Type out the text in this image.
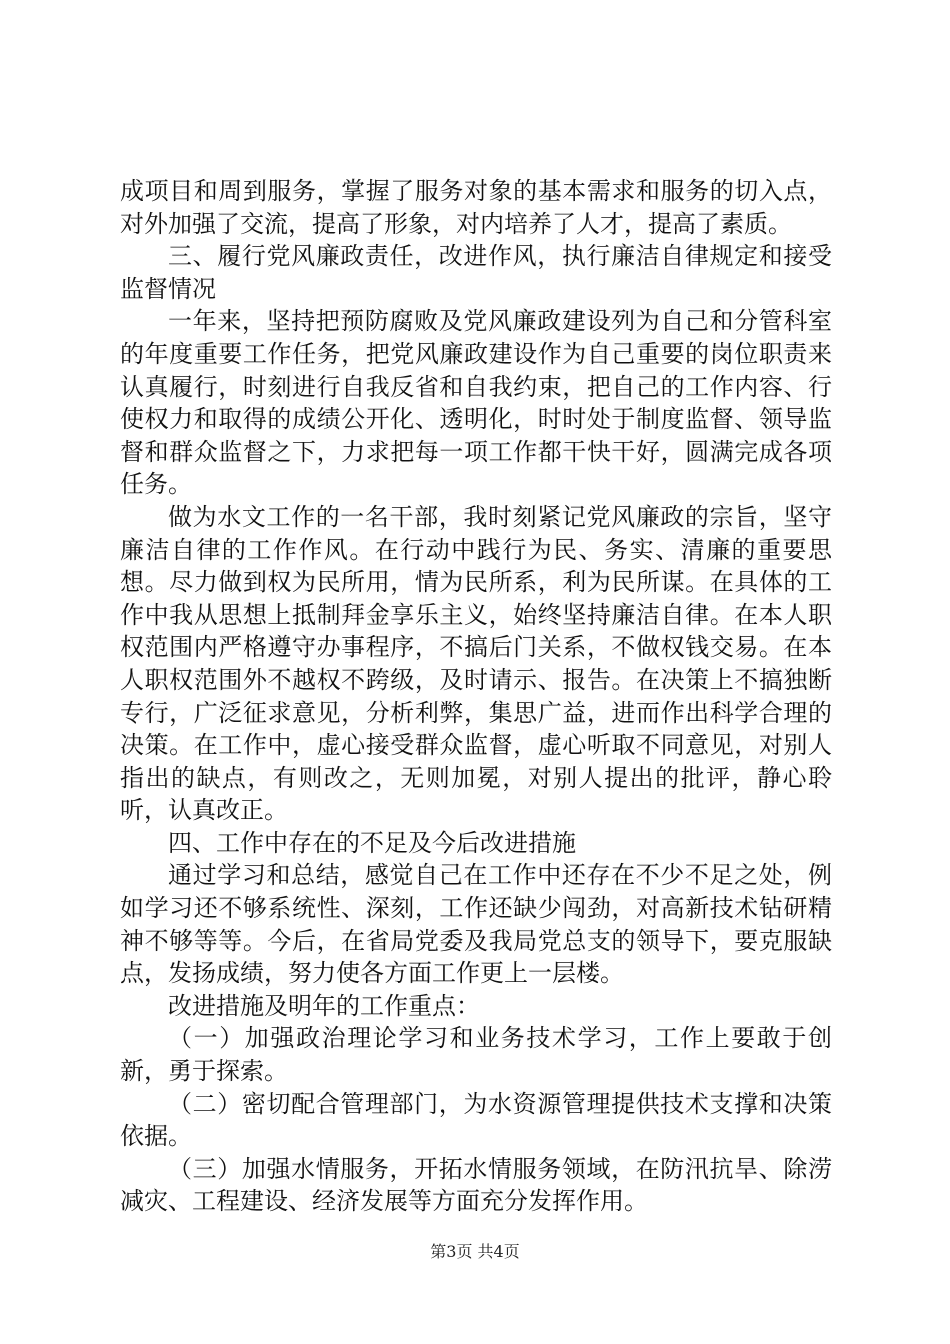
成项目和周到服务，掌握了服务对象的基本需求和服务的切入点，对外加强了交流，提高了形象，对内培养了人才，提高了素质。

三、履行党风廉政责任，改进作风，执行廉洁自律规定和接受监督情况

一年来，坚持把预防腐败及党风廉政建设列为自己和分管科室的年度重要工作任务，把党风廉政建设作为自己重要的岗位职责来认真履行，时刻进行自我反省和自我约束，把自己的工作内容、行使权力和取得的成绩公开化、透明化，时时处于制度监督、领导监督和群众监督之下，力求把每一项工作都干快干好，圆满完成各项任务。

做为水文工作的一名干部，我时刻紧记党风廉政的宗旨，坚守廉洁自律的工作作风。在行动中践行为民、务实、清廉的重要思想。尽力做到权为民所用，情为民所系，利为民所谋。在具体的工作中我从思想上抵制拜金享乐主义，始终坚持廉洁自律。在本人职权范围内严格遵守办事程序，不搞后门关系，不做权钱交易。在本人职权范围外不越权不跨级，及时请示、报告。在决策上不搞独断专行，广泛征求意见，分析利弊，集思广益，进而作出科学合理的决策。在工作中，虚心接受群众监督，虚心听取不同意见，对别人指出的缺点，有则改之，无则加冕，对别人提出的批评，静心聆听，认真改正。

四、工作中存在的不足及今后改进措施

通过学习和总结，感觉自己在工作中还存在不少不足之处，例如学习还不够系统性、深刻，工作还缺少闯劲，对高新技术钻研精神不够等等。今后，在省局党委及我局党总支的领导下，要克服缺点，发扬成绩，努力使各方面工作更上一层楼。

改进措施及明年的工作重点：

（一）加强政治理论学习和业务技术学习，工作上要敢于创新，勇于探索。

（二）密切配合管理部门，为水资源管理提供技术支撑和决策依据。

（三）加强水情服务，开拓水情服务领域，在防汛抗旱、除涝减灾、工程建设、经济发展等方面充分发挥作用。

第3页 共4页
